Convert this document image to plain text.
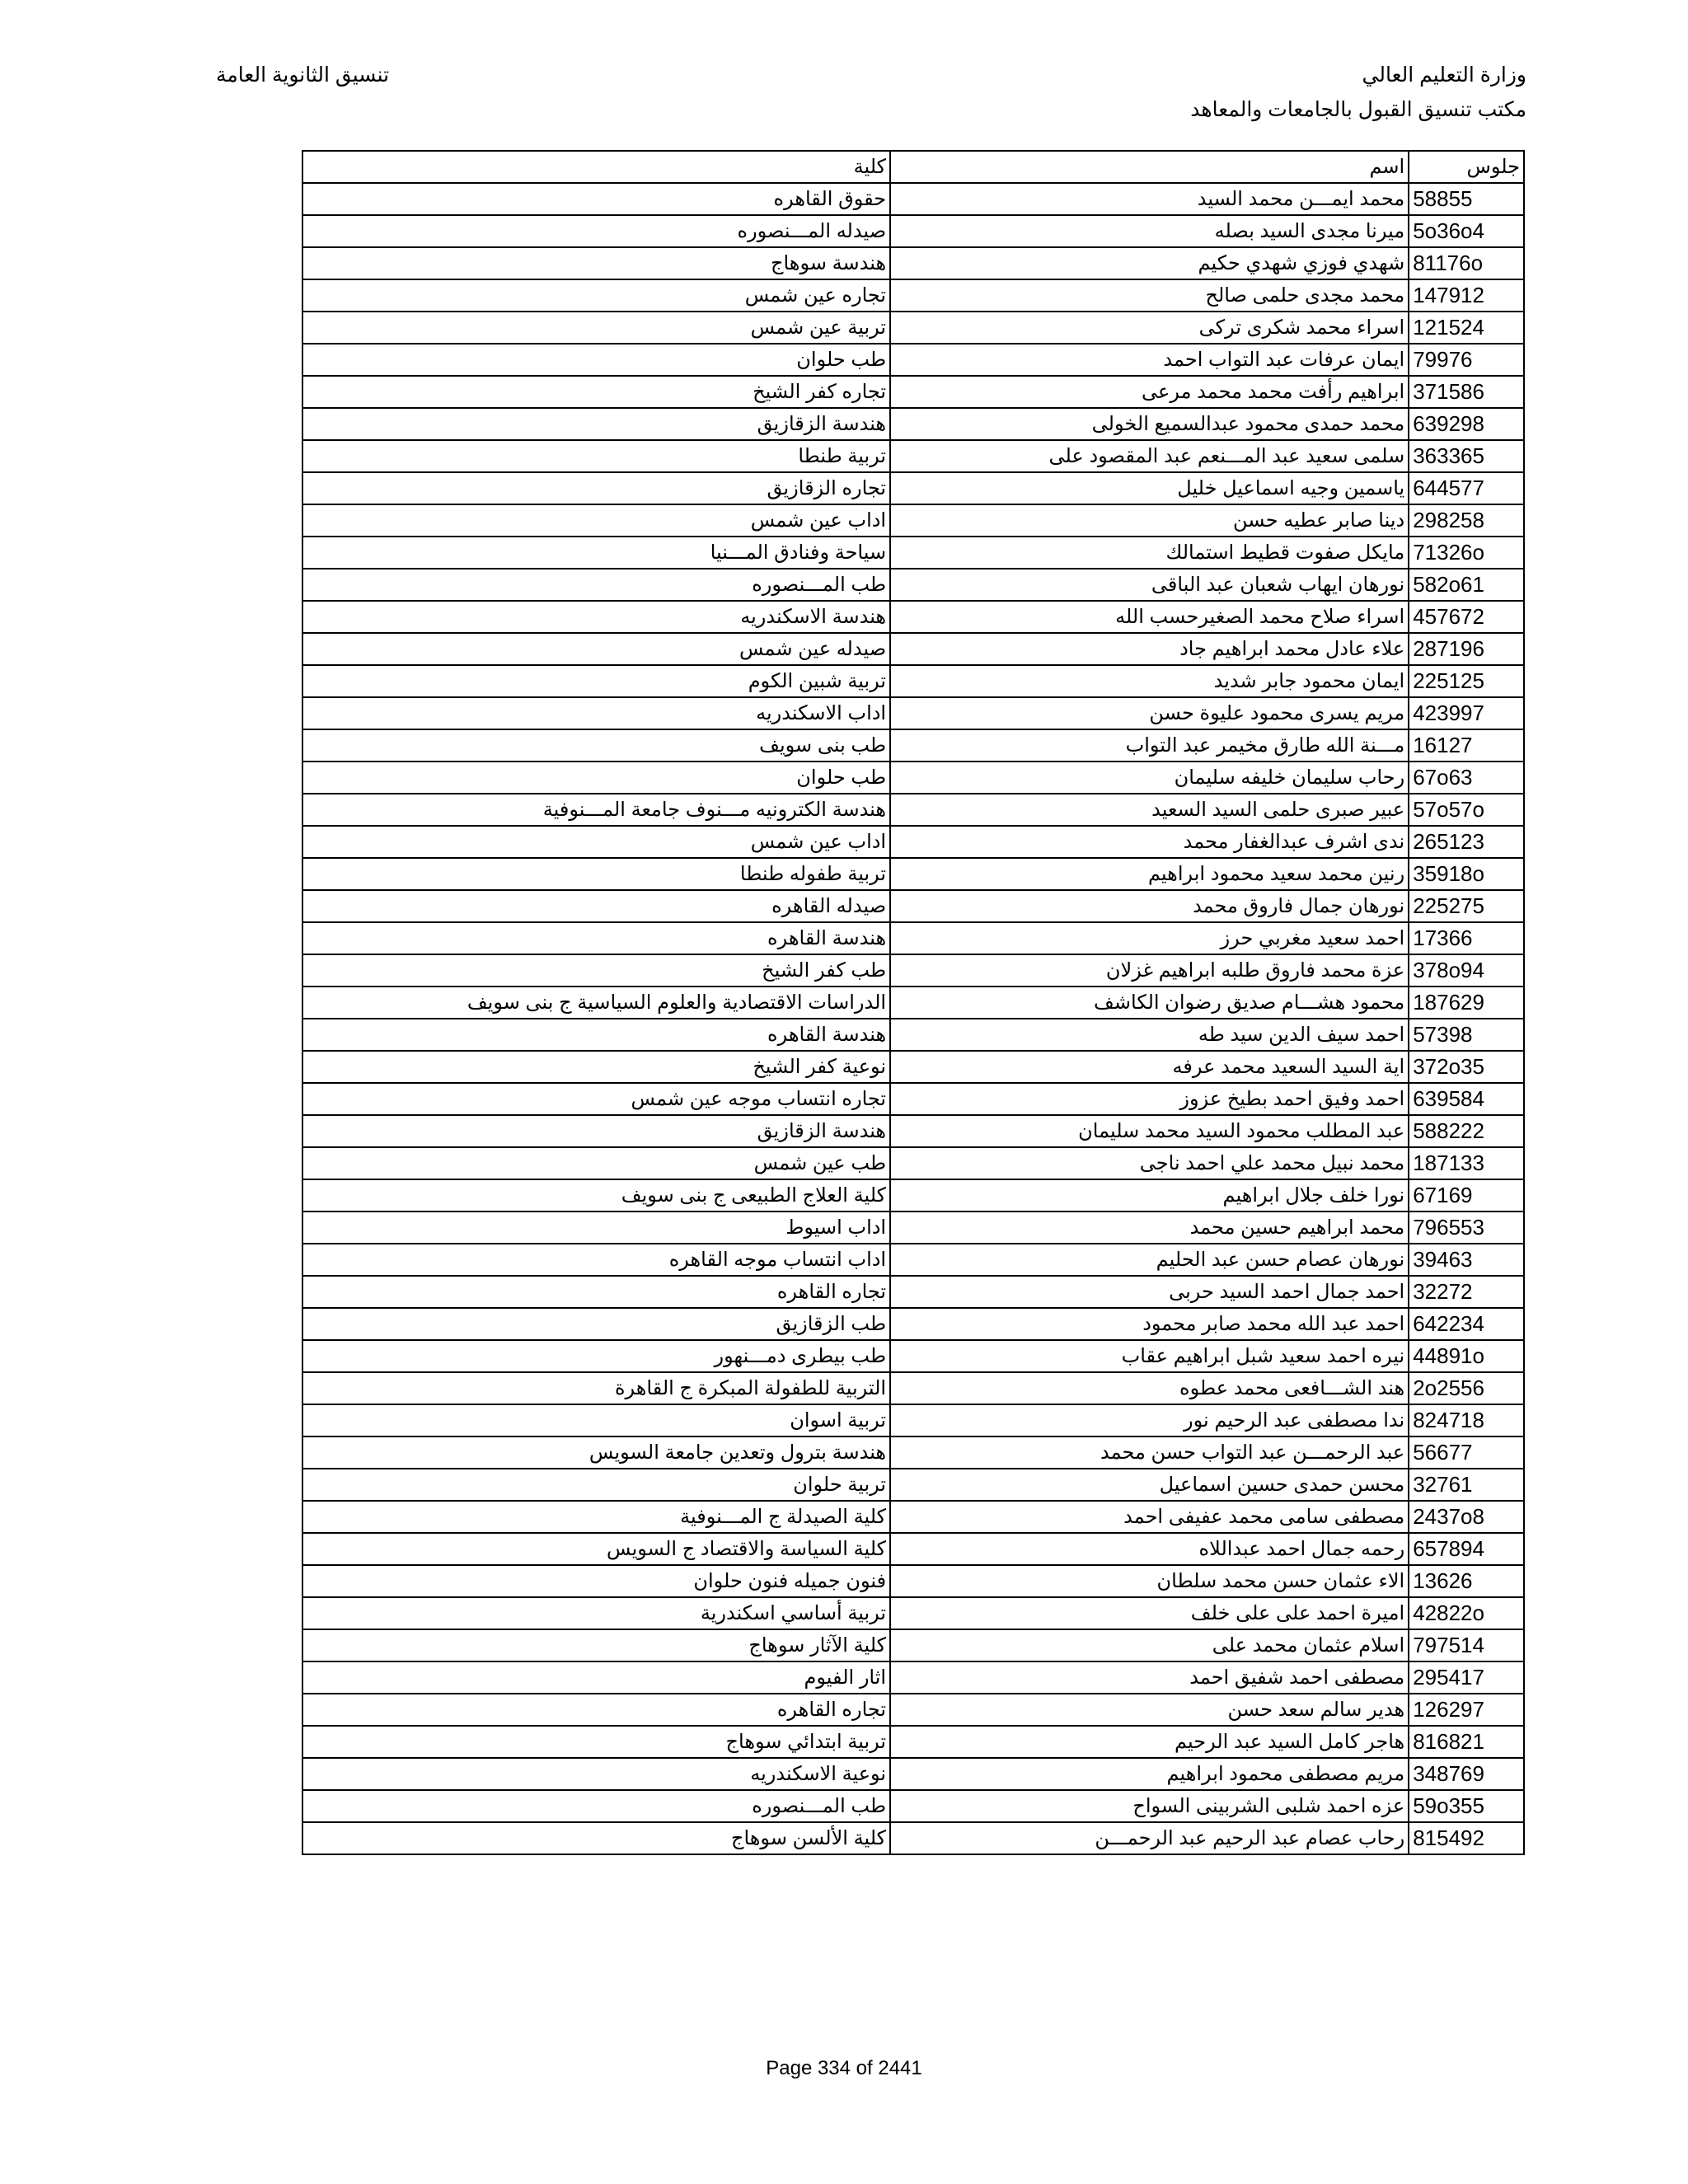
وزارة التعليم العالي
مكتب تنسيق القبول بالجامعات والمعاهد
تنسيق الثانوية العامة
جلوس	اسم	كلية
58855	محمد ايمـــن محمد السيد	حقوق القاهره
5o36o4	ميرنا مجدى السيد بصله	صيدله المـــنصوره
81176o	شهدي فوزي شهدي حكيم	هندسة سوهاج
147912	محمد مجدى حلمى صالح	تجاره عين شمس
121524	اسراء محمد شكرى تركى	تربية عين شمس
79976	ايمان عرفات عبد التواب احمد	طب حلوان
371586	ابراهيم رأفت محمد محمد مرعى	تجاره كفر الشيخ
639298	محمد حمدى محمود عبدالسميع الخولى	هندسة الزقازيق
363365	سلمى سعيد عبد المـــنعم عبد المقصود على	تربية طنطا
644577	ياسمين وجيه اسماعيل خليل	تجاره الزقازيق
298258	دينا صابر عطيه حسن	اداب عين شمس
71326o	مايكل صفوت قطيط استمالك	سياحة وفنادق المـــنيا
582o61	نورهان ايهاب شعبان عبد الباقى	طب المـــنصوره
457672	اسراء صلاح محمد الصغيرحسب الله	هندسة الاسكندريه
287196	علاء عادل محمد ابراهيم جاد	صيدله عين شمس
225125	ايمان محمود جابر شديد	تربية شبين الكوم
423997	مريم يسرى محمود عليوة حسن	اداب الاسكندريه
16127	مـــنة الله طارق مخيمر عبد التواب	طب بنى سويف
67o63	رحاب سليمان خليفه سليمان	طب حلوان
57o57o	عبير صبرى حلمى السيد السعيد	هندسة الكترونيه مـــنوف جامعة المـــنوفية
265123	ندى اشرف عبدالغفار محمد	اداب عين شمس
35918o	رنين محمد سعيد محمود ابراهيم	تربية طفوله طنطا
225275	نورهان جمال فاروق محمد	صيدله القاهره
17366	احمد سعيد مغربي حرز	هندسة القاهره
378o94	عزة محمد فاروق طلبه ابراهيم غزلان	طب كفر الشيخ
187629	محمود هشـــام صديق رضوان الكاشف	الدراسات الاقتصادية والعلوم السياسية ج بنى سويف
57398	احمد سيف الدين سيد طه	هندسة القاهره
372o35	اية السيد السعيد محمد عرفه	نوعية كفر الشيخ
639584	احمد وفيق احمد بطيخ عزوز	تجاره انتساب موجه عين شمس
588222	عبد المطلب محمود السيد محمد سليمان	هندسة الزقازيق
187133	محمد نبيل محمد علي احمد ناجى	طب عين شمس
67169	نورا خلف جلال ابراهيم	كلية العلاج الطبيعى ج بنى سويف
796553	محمد ابراهيم حسين محمد	اداب اسيوط
39463	نورهان عصام حسن عبد الحليم	اداب انتساب موجه القاهره
32272	احمد جمال احمد السيد حربى	تجاره القاهره
642234	احمد عبد الله محمد صابر محمود	طب الزقازيق
44891o	نيره احمد سعيد شبل ابراهيم عقاب	طب بيطرى دمـــنهور
2o2556	هند الشـــافعى محمد عطوه	التربية للطفولة المبكرة ج القاهرة
824718	ندا مصطفى عبد الرحيم نور	تربية اسوان
56677	عبد الرحمـــن عبد التواب حسن محمد	هندسة بترول وتعدين جامعة السويس
32761	محسن حمدى حسين اسماعيل	تربية حلوان
2437o8	مصطفى سامى محمد عفيفى احمد	كلية الصيدلة ج المـــنوفية
657894	رحمه جمال احمد عبداللاه	كلية السياسة والاقتصاد ج السويس
13626	الاء عثمان حسن محمد سلطان	فنون جميله فنون حلوان
42822o	اميرة احمد على على خلف	تربية أساسي اسكندرية
797514	اسلام عثمان محمد على	كلية الآثار سوهاج
295417	مصطفى احمد شفيق احمد	اثار الفيوم
126297	هدير سالم سعد حسن	تجاره القاهره
816821	هاجر كامل السيد عبد الرحيم	تربية ابتدائي سوهاج
348769	مريم مصطفى محمود ابراهيم	نوعية الاسكندريه
59o355	عزه احمد شلبى الشربينى السواح	طب المـــنصوره
815492	رحاب عصام عبد الرحيم عبد الرحمـــن	كلية الألسن سوهاج
Page 334 of 2441
